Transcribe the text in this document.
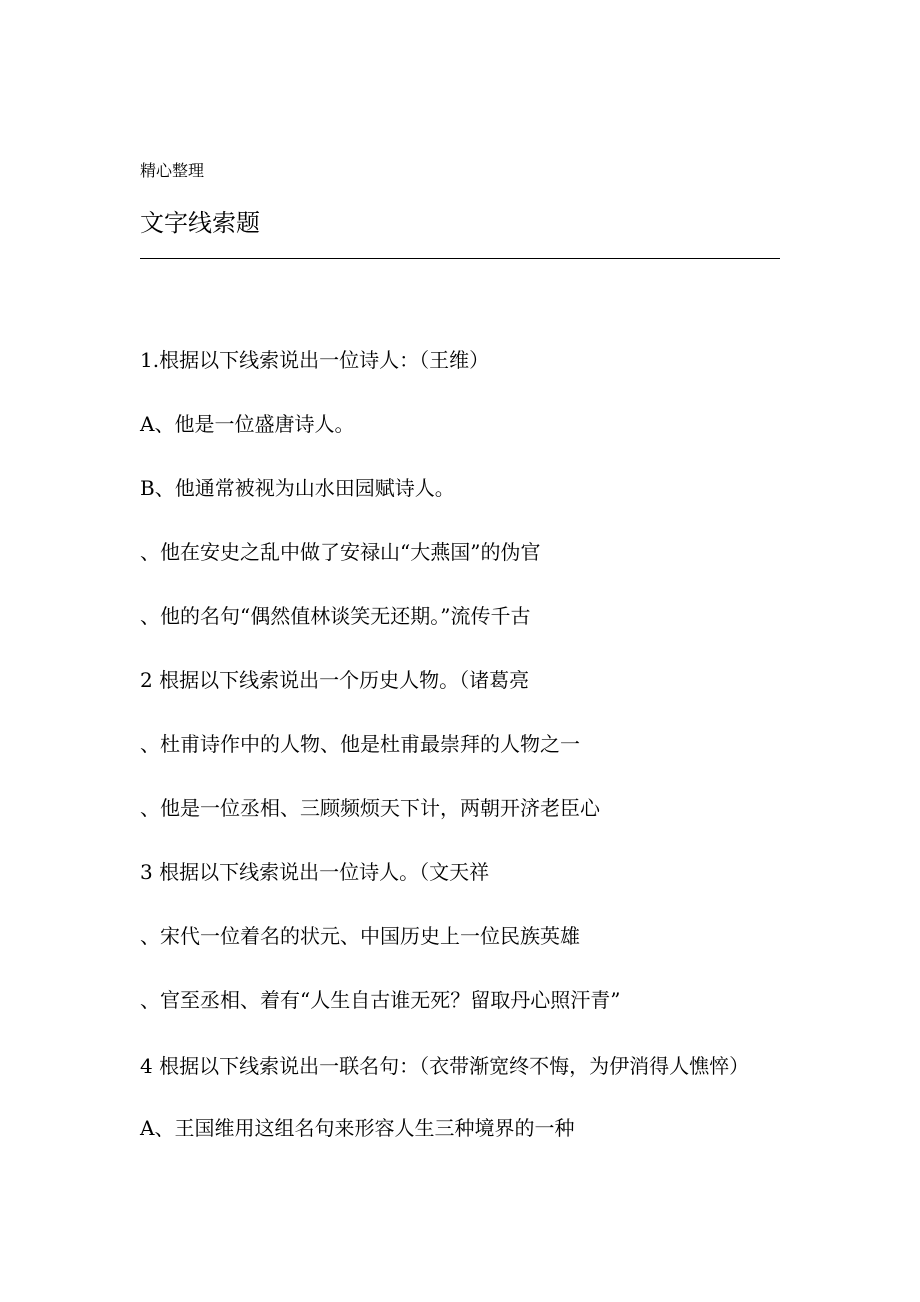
精心整理
文字线索题
1.根据以下线索说出一位诗人：（王维）
A、他是一位盛唐诗人。
B、他通常被视为山水田园赋诗人。
、他在安史之乱中做了安禄山“大燕国”的伪官
、他的名句“偶然值林谈笑无还期。”流传千古
2 根据以下线索说出一个历史人物。（诸葛亮
、杜甫诗作中的人物、他是杜甫最崇拜的人物之一
、他是一位丞相、三顾频烦天下计，两朝开济老臣心
3 根据以下线索说出一位诗人。（文天祥
、宋代一位着名的状元、中国历史上一位民族英雄
、官至丞相、着有“人生自古谁无死？留取丹心照汗青”
4 根据以下线索说出一联名句：（衣带渐宽终不悔，为伊消得人憔悴）
A、王国维用这组名句来形容人生三种境界的一种
